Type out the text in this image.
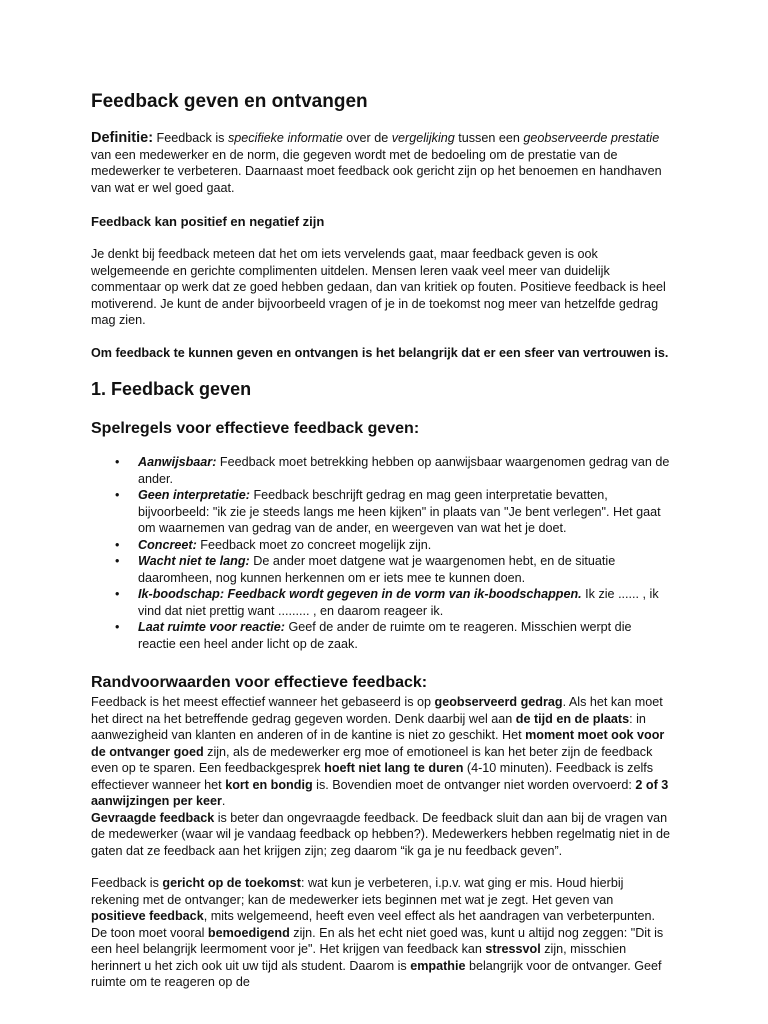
Feedback geven en ontvangen

Definitie: Feedback is specifieke informatie over de vergelijking tussen een geobserveerde prestatie van een medewerker en de norm, die gegeven wordt met de bedoeling om de prestatie van de medewerker te verbeteren. Daarnaast moet feedback ook gericht zijn op het benoemen en handhaven van wat er wel goed gaat.

Feedback kan positief en negatief zijn

Je denkt bij feedback meteen dat het om iets vervelends gaat, maar feedback geven is ook welgemeende en gerichte complimenten uitdelen. Mensen leren vaak veel meer van duidelijk commentaar op werk dat ze goed hebben gedaan, dan van kritiek op fouten. Positieve feedback is heel motiverend. Je kunt de ander bijvoorbeeld vragen of je in de toekomst nog meer van hetzelfde gedrag mag zien.

Om feedback te kunnen geven en ontvangen is het belangrijk dat er een sfeer van vertrouwen is.

1. Feedback geven
Spelregels voor effectieve feedback geven:
• Aanwijsbaar: Feedback moet betrekking hebben op aanwijsbaar waargenomen gedrag van de ander.
• Geen interpretatie: Feedback beschrijft gedrag en mag geen interpretatie bevatten, bijvoorbeeld: "ik zie je steeds langs me heen kijken" in plaats van "Je bent verlegen". Het gaat om waarnemen van gedrag van de ander, en weergeven van wat het je doet.
• Concreet: Feedback moet zo concreet mogelijk zijn.
• Wacht niet te lang: De ander moet datgene wat je waargenomen hebt, en de situatie daaromheen, nog kunnen herkennen om er iets mee te kunnen doen.
• Ik-boodschap: Feedback wordt gegeven in de vorm van ik-boodschappen. Ik zie ...... , ik vind dat niet prettig want ......... , en daarom reageer ik.
• Laat ruimte voor reactie: Geef de ander de ruimte om te reageren. Misschien werpt die reactie een heel ander licht op de zaak.
Randvoorwaarden voor effectieve feedback:

Feedback is het meest effectief wanneer het gebaseerd is op geobserveerd gedrag. Als het kan moet het direct na het betreffende gedrag gegeven worden. Denk daarbij wel aan de tijd en de plaats: in aanwezigheid van klanten en anderen of in de kantine is niet zo geschikt. Het moment moet ook voor de ontvanger goed zijn, als de medewerker erg moe of emotioneel is kan het beter zijn de feedback even op te sparen. Een feedbackgesprek hoeft niet lang te duren (4-10 minuten). Feedback is zelfs effectiever wanneer het kort en bondig is. Bovendien moet de ontvanger niet worden overvoerd: 2 of 3 aanwijzingen per keer.

Gevraagde feedback is beter dan ongevraagde feedback. De feedback sluit dan aan bij de vragen van de medewerker (waar wil je vandaag feedback op hebben?). Medewerkers hebben regelmatig niet in de gaten dat ze feedback aan het krijgen zijn; zeg daarom “ik ga je nu feedback geven”.

Feedback is gericht op de toekomst: wat kun je verbeteren, i.p.v. wat ging er mis. Houd hierbij rekening met de ontvanger; kan de medewerker iets beginnen met wat je zegt. Het geven van positieve feedback, mits welgemeend, heeft even veel effect als het aandragen van verbeterpunten. De toon moet vooral bemoedigend zijn. En als het echt niet goed was, kunt u altijd nog zeggen: "Dit is een heel belangrijk leermoment voor je". Het krijgen van feedback kan stressvol zijn, misschien herinnert u het zich ook uit uw tijd als student. Daarom is empathie belangrijk voor de ontvanger. Geef ruimte om te reageren op de
